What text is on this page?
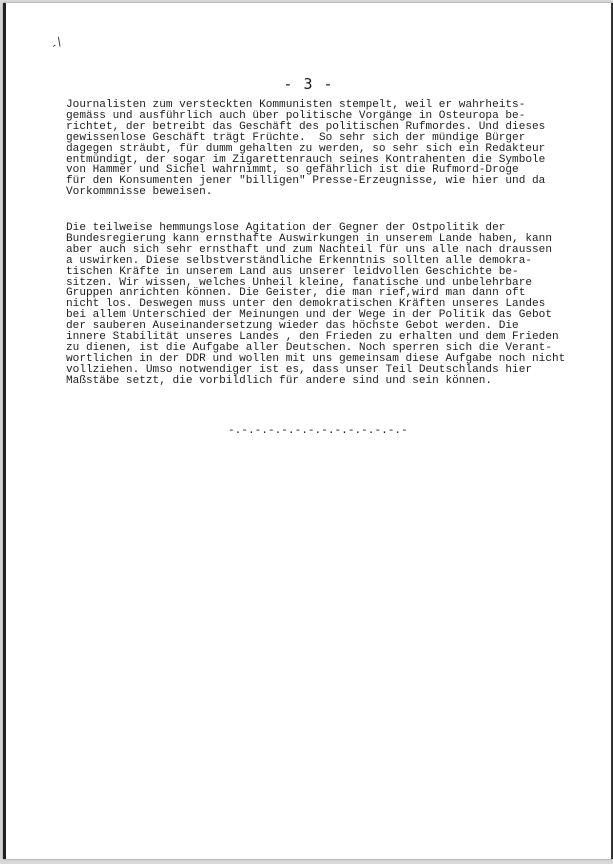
-/
- 3 -

Journalisten zum versteckten Kommunisten stempelt, weil er wahrheits-
gemäss und ausführlich auch über politische Vorgänge in Osteuropa be-
richtet, der betreibt das Geschäft des politischen Rufmordes. Und dieses
gewissenlose Geschäft trägt Früchte.  So sehr sich der mündige Bürger
dagegen sträubt, für dumm gehalten zu werden, so sehr sich ein Redakteur
entmündigt, der sogar im Zigarettenrauch seines Kontrahenten die Symbole
von Hammer und Sichel wahrnimmt, so gefährlich ist die Rufmord-Droge
für den Konsumenten jener "billigen" Presse-Erzeugnisse, wie hier und da
Vorkommnisse beweisen.

Die teilweise hemmungslose Agitation der Gegner der Ostpolitik der
Bundesregierung kann ernsthafte Auswirkungen in unserem Lande haben, kann
aber auch sich sehr ernsthaft und zum Nachteil für uns alle nach draussen
a uswirken. Diese selbstverständliche Erkenntnis sollten alle demokra-
tischen Kräfte in unserem Land aus unserer leidvollen Geschichte be-
sitzen. Wir wissen, welches Unheil kleine, fanatische und unbelehrbare
Gruppen anrichten können. Die Geister, die man rief,wird man dann oft
nicht los. Deswegen muss unter den demokratischen Kräften unseres Landes
bei allem Unterschied der Meinungen und der Wege in der Politik das Gebot
der sauberen Auseinandersetzung wieder das höchste Gebot werden. Die
innere Stabilität unseres Landes , den Frieden zu erhalten und dem Frieden
zu dienen, ist die Aufgabe aller Deutschen. Noch sperren sich die Verant-
wortlichen in der DDR und wollen mit uns gemeinsam diese Aufgabe noch nicht
vollziehen. Umso notwendiger ist es, dass unser Teil Deutschlands hier
Maßstäbe setzt, die vorbildlich für andere sind und sein können.

-.-.-.-.-.-.-.-.-.-.-.-.-.-
